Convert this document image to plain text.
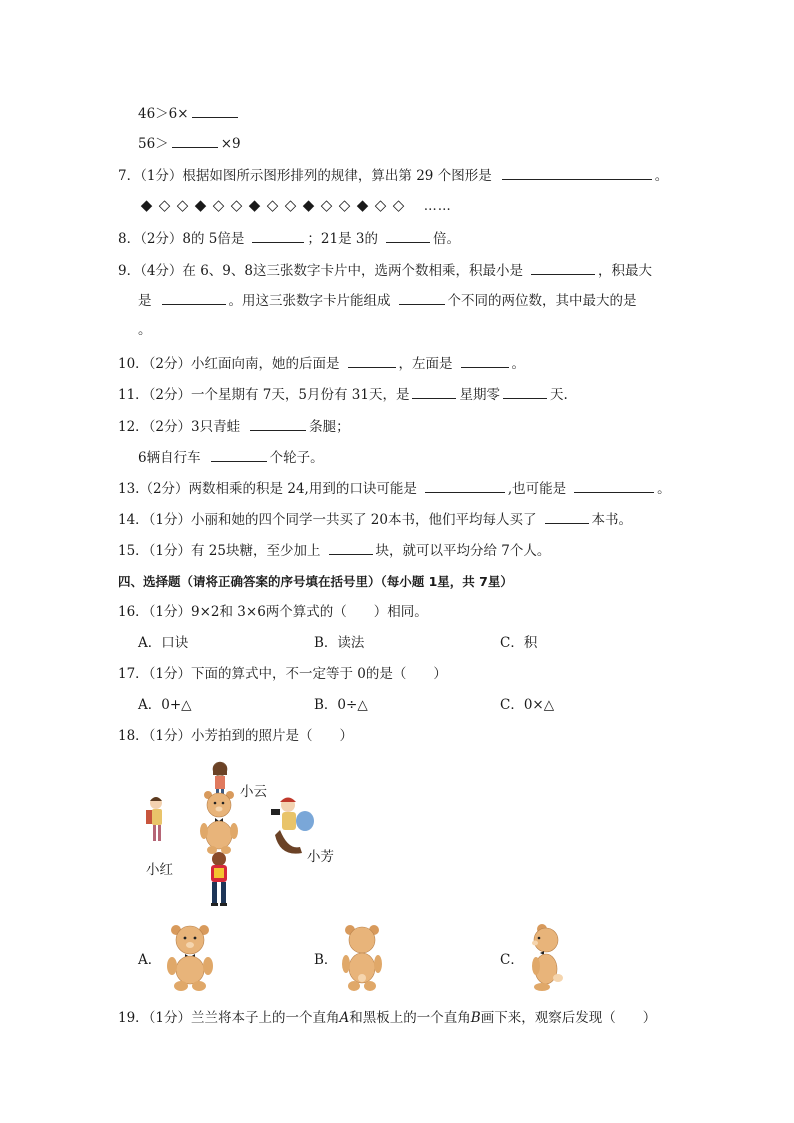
46＞6×
56＞	×9
7．（1分）根据如图所示图形排列的规律，算出第 29 个图形是	。
◆ ◇ ◇ ◆ ◇ ◇ ◆ ◇ ◇ ◆ ◇ ◇ ◆ ◇ ◇ ……
8．（2分）8的 5倍是	；21是 3的	倍。
9．（4分）在 6、9、8这三张数字卡片中，选两个数相乘，积最小是	，积最大
是	。用这三张数字卡片能组成	个不同的两位数，其中最大的是
。
10．（2分）小红面向南，她的后面是	，左面是	。
11．（2分）一个星期有 7天，5月份有 31天，是	星期零	天.
12．（2分）3只青蛙	条腿；
6辆自行车	个轮子。
13.（2分）两数相乘的积是 24,用到的口诀可能是	,也可能是	。
14．（1分）小丽和她的四个同学一共买了 20本书，他们平均每人买了	本书。
15．（1分）有 25块糖，至少加上	块，就可以平均分给 7个人。
四、选择题（请将正确答案的序号填在括号里）（每小题 1星，共 7星）
16．（1分）9×2和 3×6两个算式的（　　）相同。
A．口诀	B．读法	C．积
17．（1分）下面的算式中，不一定等于 0的是（　　）
A．0+△	B．0÷△	C．0×△
18．（1分）小芳拍到的照片是（　　）
小云
小红
小芳
A．	B．	C．
19．（1分）兰兰将本子上的一个直角A和黑板上的一个直角B画下来，观察后发现（　　）
